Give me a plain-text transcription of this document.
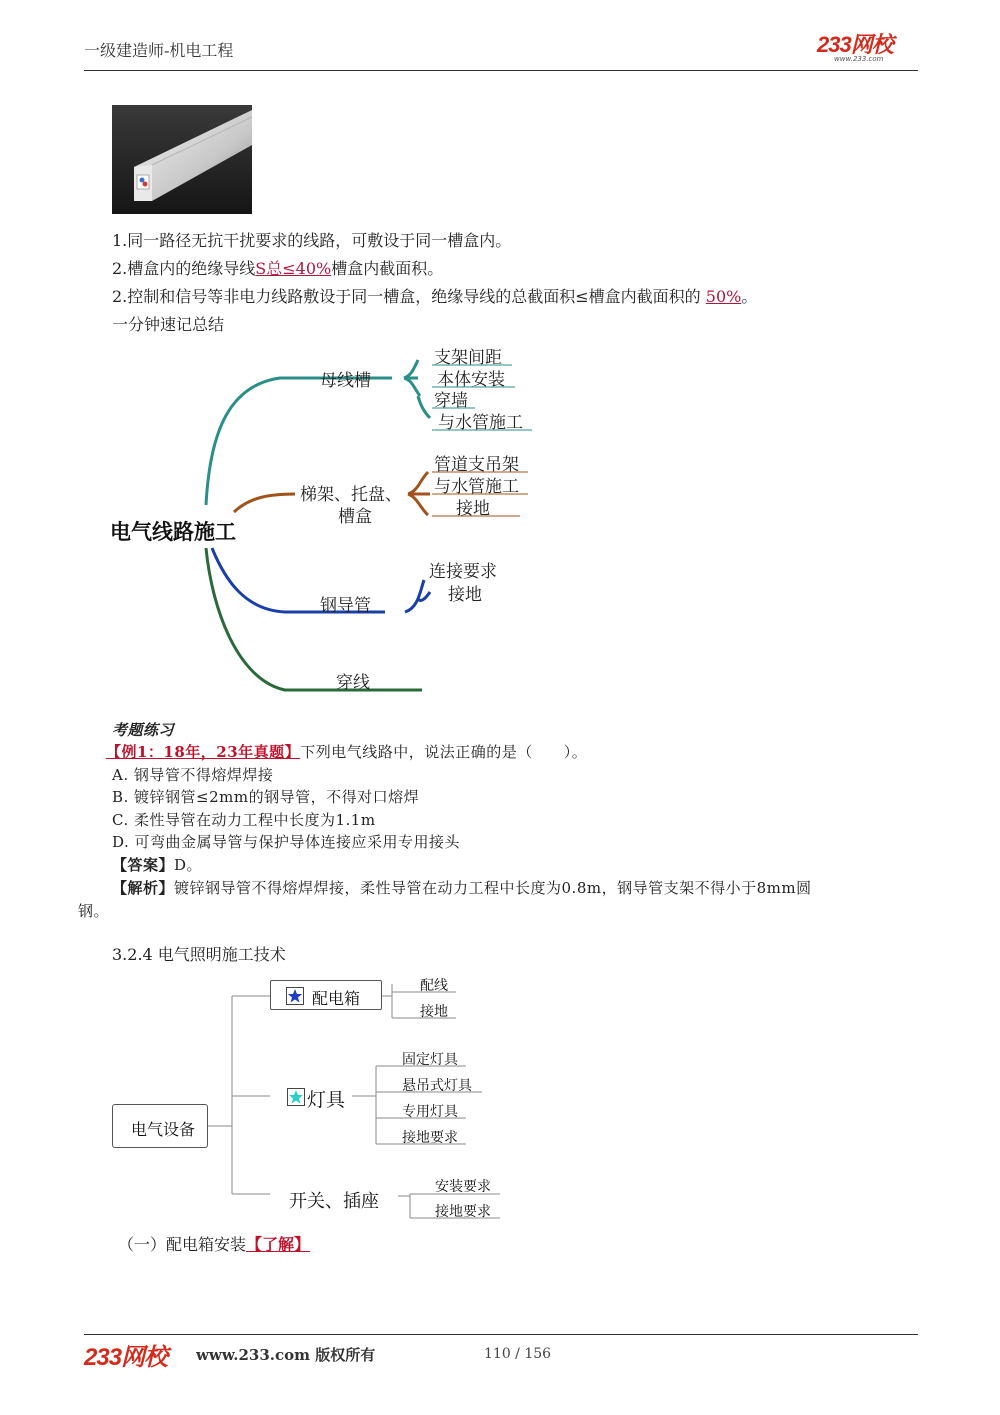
一级建造师-机电工程	233网校
www.233.com
1.同一路径无抗干扰要求的线路，可敷设于同一槽盒内。
2.槽盒内的绝缘导线S总≤40%槽盒内截面积。
2.控制和信号等非电力线路敷设于同一槽盒，绝缘导线的总截面积≤槽盒内截面积的 50%。
一分钟速记总结
电气线路施工
母线槽
支架间距
本体安装
穿墙
与水管施工
梯架、托盘、
槽盒
管道支吊架
与水管施工
接地
钢导管
连接要求
接地
穿线
考题练习
【例1：18年，23年真题】下列电气线路中，说法正确的是（　　）。
A. 钢导管不得熔焊焊接
B. 镀锌钢管≤2mm的钢导管，不得对口熔焊
C. 柔性导管在动力工程中长度为1.1m
D. 可弯曲金属导管与保护导体连接应采用专用接头
【答案】D。
【解析】镀锌钢导管不得熔焊焊接，柔性导管在动力工程中长度为0.8m，钢导管支架不得小于8mm圆
钢。
3.2.4 电气照明施工技术
电气设备
配电箱
配线
接地
灯具
固定灯具
悬吊式灯具
专用灯具
接地要求
开关、插座
安装要求
接地要求
（一）配电箱安装【了解】
233网校 www.233.com 版权所有	110 / 156
